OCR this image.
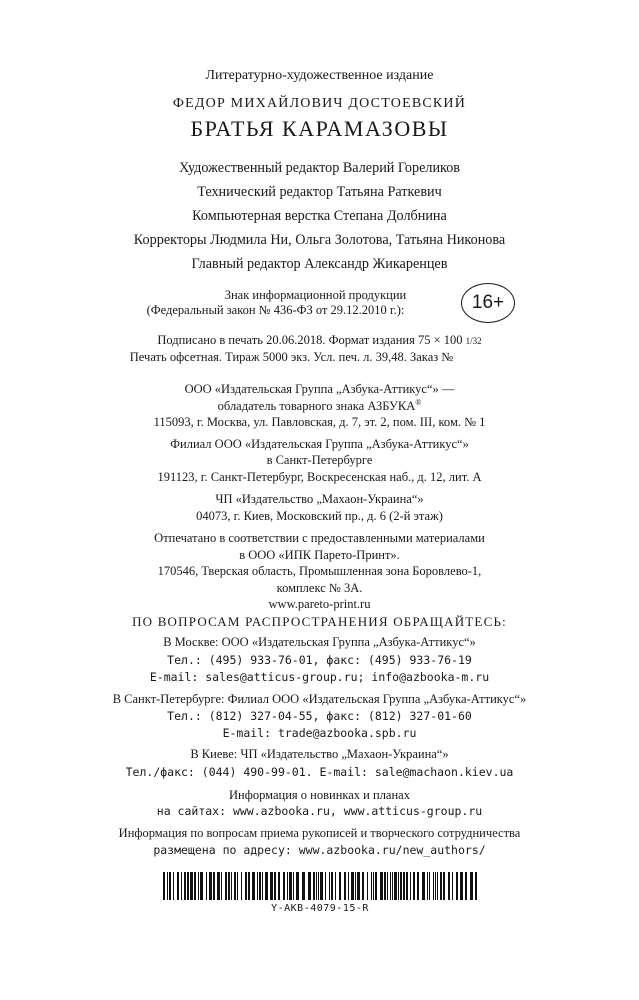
Литературно-художественное издание
ФЕДОР МИХАЙЛОВИЧ ДОСТОЕВСКИЙ
БРАТЬЯ КАРАМАЗОВЫ
Художественный редактор Валерий Гореликов
Технический редактор Татьяна Раткевич
Компьютерная верстка Степана Долбнина
Корректоры Людмила Ни, Ольга Золотова, Татьяна Никонова
Главный редактор Александр Жикаренцев
Знак информационной продукции
(Федеральный закон № 436-ФЗ от 29.12.2010 г.):	16+
Подписано в печать 20.06.2018. Формат издания 75 × 100 1/32
Печать офсетная. Тираж 5000 экз. Усл. печ. л. 39,48. Заказ №
ООО «Издательская Группа „Азбука-Аттикус“» —
обладатель товарного знака АЗБУКА®
115093, г. Москва, ул. Павловская, д. 7, эт. 2, пом. III, ком. № 1
Филиал ООО «Издательская Группа „Азбука-Аттикус“»
в Санкт-Петербурге
191123, г. Санкт-Петербург, Воскресенская наб., д. 12, лит. А
ЧП «Издательство „Махаон-Украина“»
04073, г. Киев, Московский пр., д. 6 (2-й этаж)
Отпечатано в соответствии с предоставленными материалами
в ООО «ИПК Парето-Принт».
170546, Тверская область, Промышленная зона Боровлево-1,
комплекс № 3А.
www.pareto-print.ru
ПО ВОПРОСАМ РАСПРОСТРАНЕНИЯ ОБРАЩАЙТЕСЬ:
В Москве: ООО «Издательская Группа „Азбука-Аттикус“»
Тел.: (495) 933-76-01, факс: (495) 933-76-19
E-mail: sales@atticus-group.ru; info@azbooka-m.ru
В Санкт-Петербурге: Филиал ООО «Издательская Группа „Азбука-Аттикус“»
Тел.: (812) 327-04-55, факс: (812) 327-01-60
E-mail: trade@azbooka.spb.ru
В Киеве: ЧП «Издательство „Махаон-Украина“»
Тел./факс: (044) 490-99-01. E-mail: sale@machaon.kiev.ua
Информация о новинках и планах
на сайтах: www.azbooka.ru, www.atticus-group.ru
Информация по вопросам приема рукописей и творческого сотрудничества
размещена по адресу: www.azbooka.ru/new_authors/
Y-AKB-4079-15-R
